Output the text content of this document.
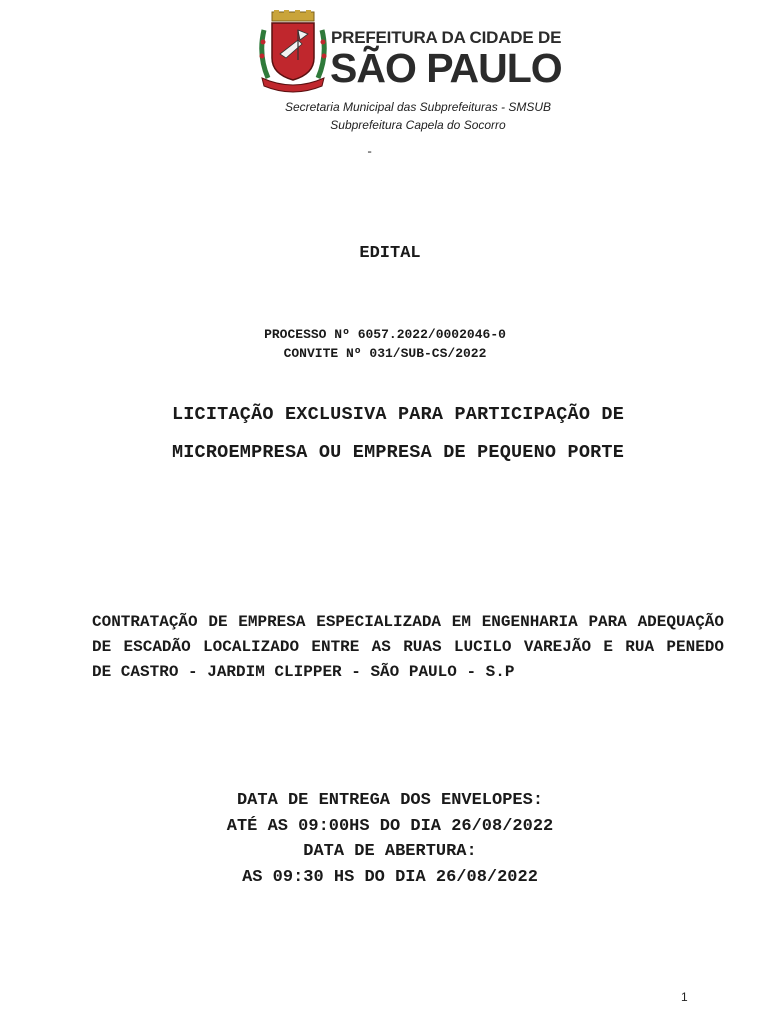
PREFEITURA DA CIDADE DE
SÃO PAULO
Secretaria Municipal das Subprefeituras - SMSUB
Subprefeitura Capela do Socorro
-
EDITAL
PROCESSO Nº 6057.2022/0002046-0
CONVITE Nº 031/SUB-CS/2022
LICITAÇÃO EXCLUSIVA PARA PARTICIPAÇÃO DE
MICROEMPRESA OU EMPRESA DE PEQUENO PORTE
CONTRATAÇÃO DE EMPRESA ESPECIALIZADA EM ENGENHARIA PARA ADEQUAÇÃO DE ESCADÃO LOCALIZADO ENTRE AS RUAS LUCILO VAREJÃO E RUA PENEDO DE CASTRO - JARDIM CLIPPER - SÃO PAULO - S.P
DATA DE ENTREGA DOS ENVELOPES:
ATÉ AS 09:00HS DO DIA 26/08/2022
DATA DE ABERTURA:
AS 09:30 HS DO DIA 26/08/2022
1
